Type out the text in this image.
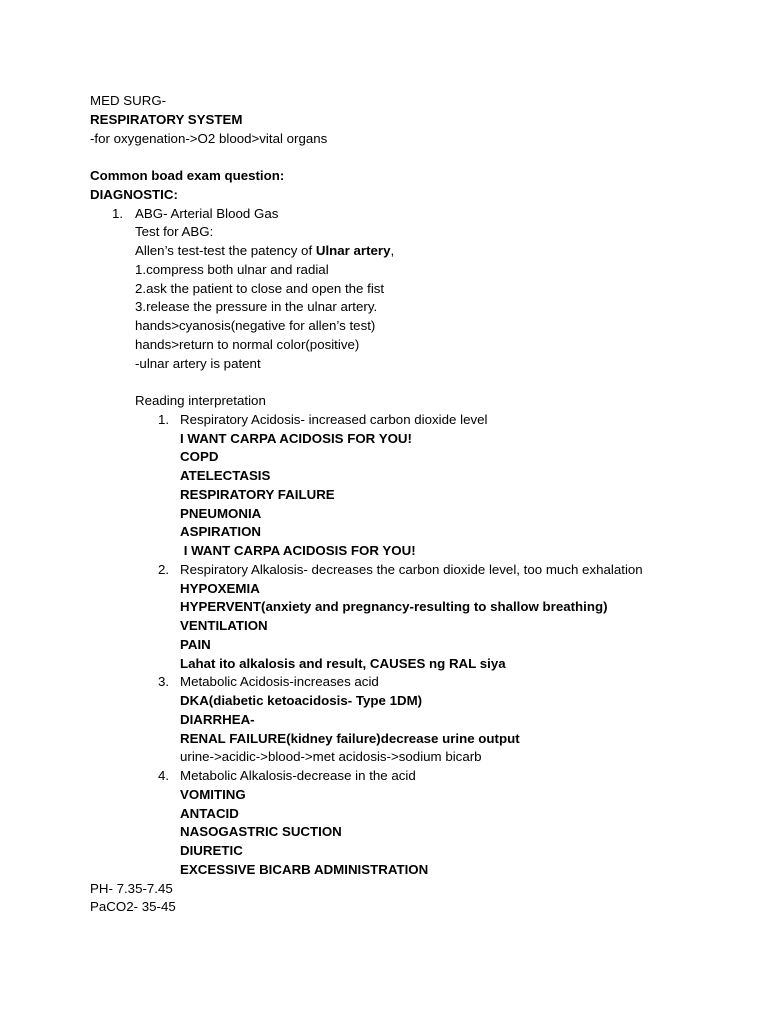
MED SURG-
RESPIRATORY SYSTEM
-for oxygenation->O2 blood>vital organs
Common boad exam question:
DIAGNOSTIC:
1. ABG- Arterial Blood Gas
Test for ABG:
Allen’s test-test the patency of Ulnar artery,
1.compress both ulnar and radial
2.ask the patient to close and open the fist
3.release the pressure in the ulnar artery.
hands>cyanosis(negative for allen’s test)
hands>return to normal color(positive)
-ulnar artery is patent
Reading interpretation
1. Respiratory Acidosis- increased carbon dioxide level
I WANT CARPA ACIDOSIS FOR YOU!
COPD
ATELECTASIS
RESPIRATORY FAILURE
PNEUMONIA
ASPIRATION
I WANT CARPA ACIDOSIS FOR YOU!
2. Respiratory Alkalosis- decreases the carbon dioxide level, too much exhalation
HYPOXEMIA
HYPERVENT(anxiety and pregnancy-resulting to shallow breathing)
VENTILATION
PAIN
Lahat ito alkalosis and result, CAUSES ng RAL siya
3. Metabolic Acidosis-increases acid
DKA(diabetic ketoacidosis- Type 1DM)
DIARRHEA-
RENAL FAILURE(kidney failure)decrease urine output
urine->acidic->blood->met acidosis->sodium bicarb
4. Metabolic Alkalosis-decrease in the acid
VOMITING
ANTACID
NASOGASTRIC SUCTION
DIURETIC
EXCESSIVE BICARB ADMINISTRATION
PH- 7.35-7.45
PaCO2- 35-45
